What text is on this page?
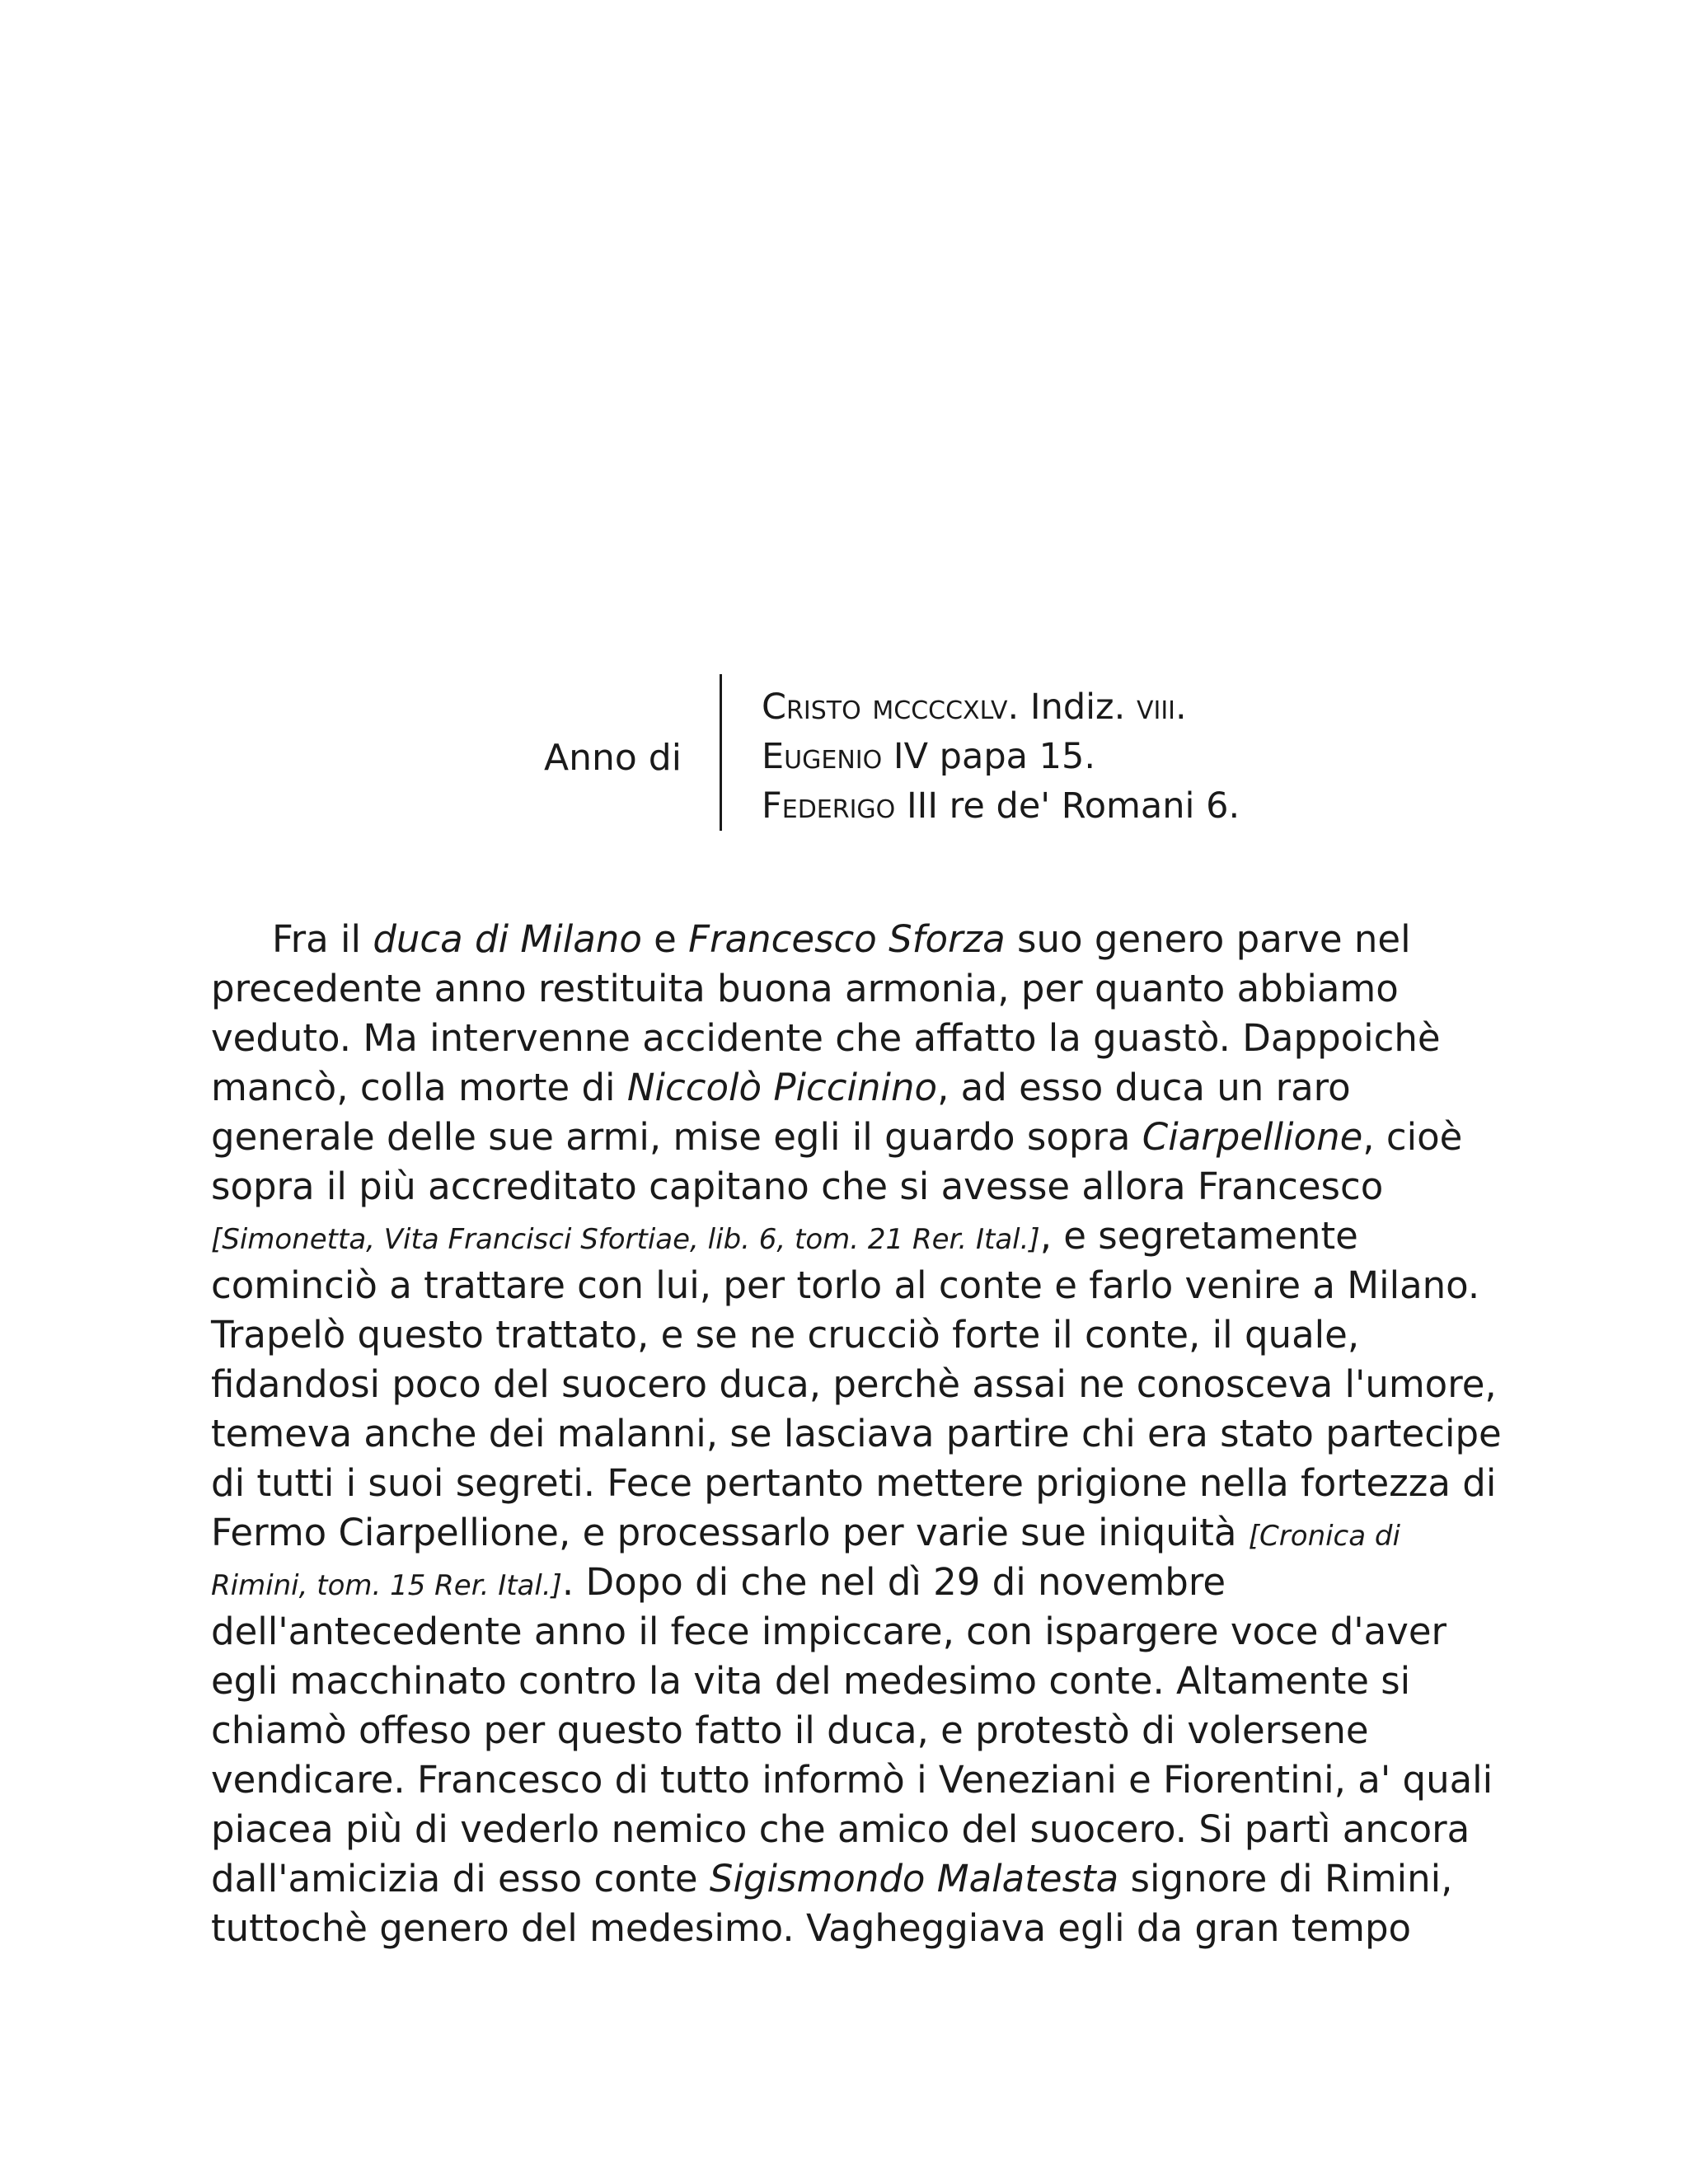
Anno di
Cristo mccccxlv. Indiz. viii.
Eugenio IV papa 15.
Federigo III re de' Romani 6.
Fra il duca di Milano e Francesco Sforza suo genero parve nel
precedente anno restituita buona armonia, per quanto abbiamo
veduto. Ma intervenne accidente che affatto la guastò. Dappoichè
mancò, colla morte di Niccolò Piccinino, ad esso duca un raro
generale delle sue armi, mise egli il guardo sopra Ciarpellione, cioè
sopra il più accreditato capitano che si avesse allora Francesco
[Simonetta, Vita Francisci Sfortiae, lib. 6, tom. 21 Rer. Ital.], e segretamente
cominciò a trattare con lui, per torlo al conte e farlo venire a Milano.
Trapelò questo trattato, e se ne crucciò forte il conte, il quale,
fidandosi poco del suocero duca, perchè assai ne conosceva l'umore,
temeva anche dei malanni, se lasciava partire chi era stato partecipe
di tutti i suoi segreti. Fece pertanto mettere prigione nella fortezza di
Fermo Ciarpellione, e processarlo per varie sue iniquità [Cronica di
Rimini, tom. 15 Rer. Ital.]. Dopo di che nel dì 29 di novembre
dell'antecedente anno il fece impiccare, con ispargere voce d'aver
egli macchinato contro la vita del medesimo conte. Altamente si
chiamò offeso per questo fatto il duca, e protestò di volersene
vendicare. Francesco di tutto informò i Veneziani e Fiorentini, a' quali
piacea più di vederlo nemico che amico del suocero. Si partì ancora
dall'amicizia di esso conte Sigismondo Malatesta signore di Rimini,
tuttochè genero del medesimo. Vagheggiava egli da gran tempo
